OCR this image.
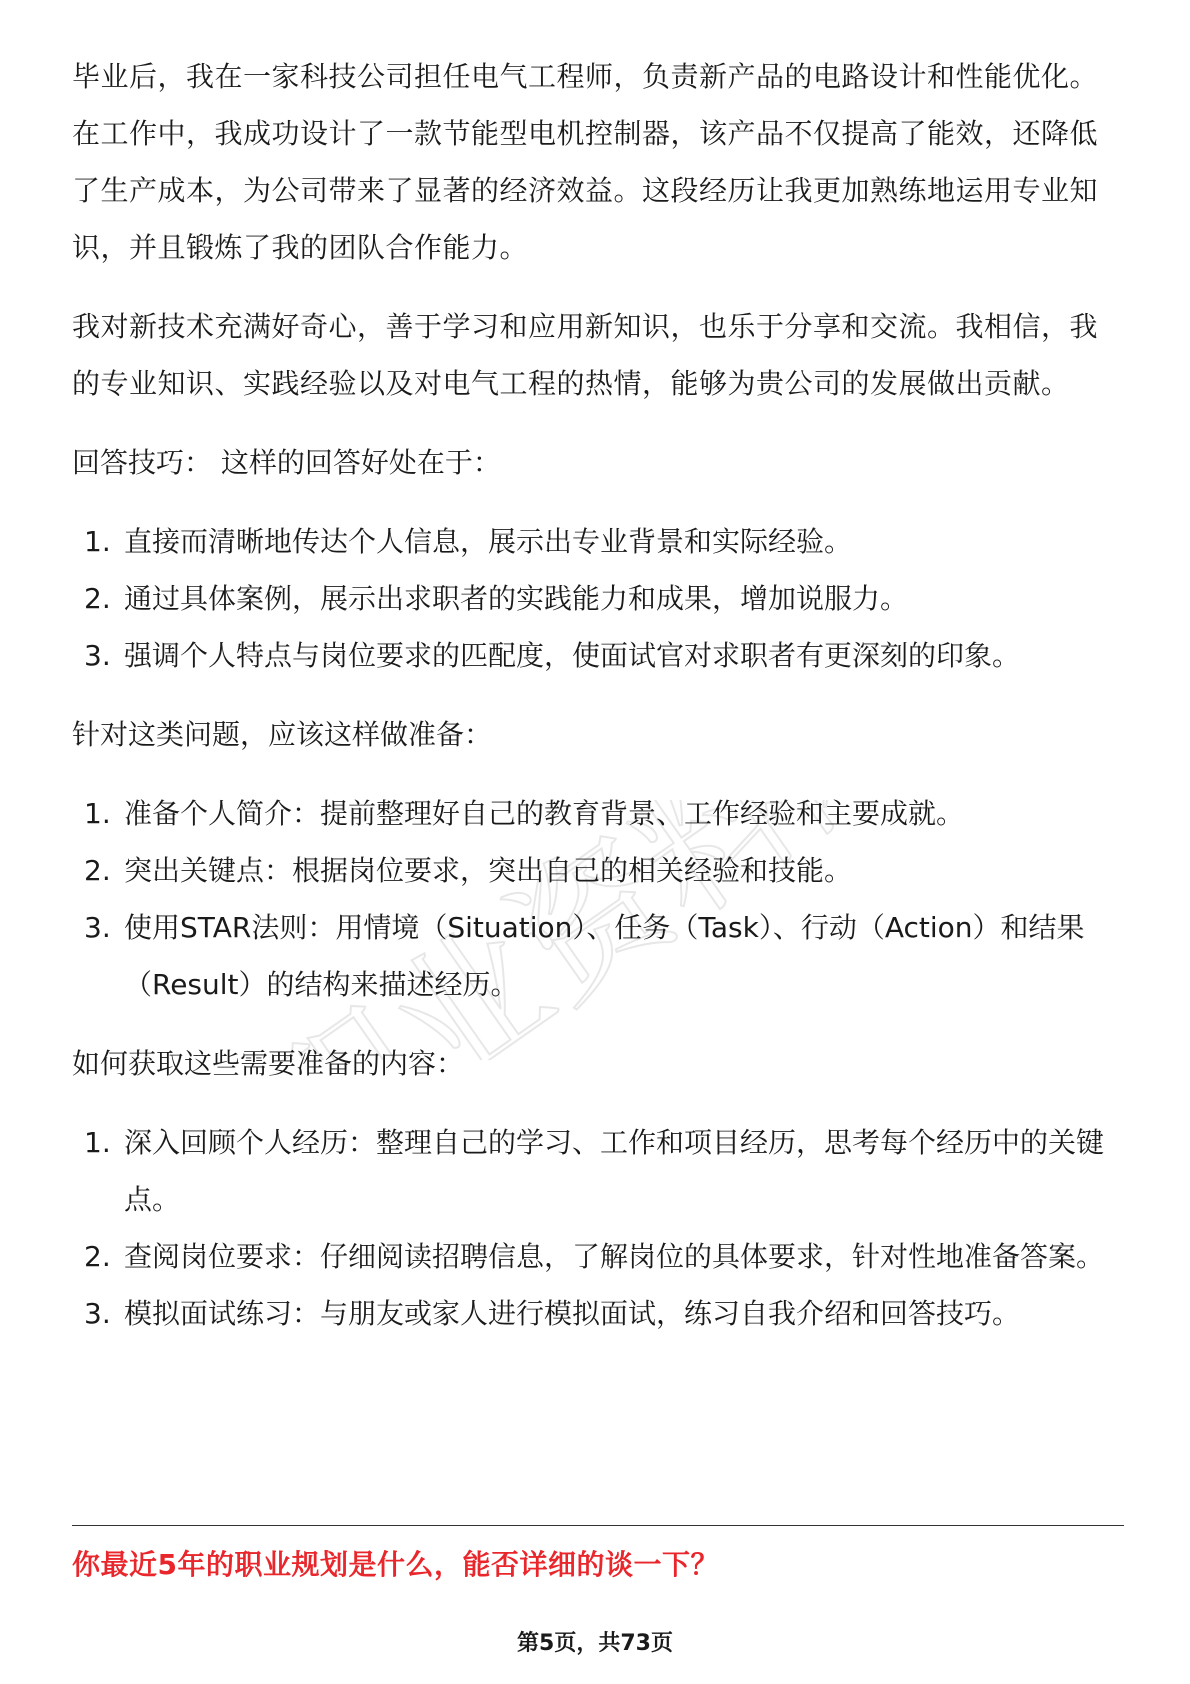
毕业后，我在一家科技公司担任电气工程师，负责新产品的电路设计和性能优化。在工作中，我成功设计了一款节能型电机控制器，该产品不仅提高了能效，还降低了生产成本，为公司带来了显著的经济效益。这段经历让我更加熟练地运用专业知识，并且锻炼了我的团队合作能力。

我对新技术充满好奇心，善于学习和应用新知识，也乐于分享和交流。我相信，我的专业知识、实践经验以及对电气工程的热情，能够为贵公司的发展做出贡献。

回答技巧： 这样的回答好处在于：

1. 直接而清晰地传达个人信息，展示出专业背景和实际经验。
2. 通过具体案例，展示出求职者的实践能力和成果，增加说服力。
3. 强调个人特点与岗位要求的匹配度，使面试官对求职者有更深刻的印象。

针对这类问题，应该这样做准备：

1. 准备个人简介：提前整理好自己的教育背景、工作经验和主要成就。
2. 突出关键点：根据岗位要求，突出自己的相关经验和技能。
3. 使用STAR法则：用情境（Situation）、任务（Task）、行动（Action）和结果（Result）的结构来描述经历。

如何获取这些需要准备的内容：

1. 深入回顾个人经历：整理自己的学习、工作和项目经历，思考每个经历中的关键点。
2. 查阅岗位要求：仔细阅读招聘信息，了解岗位的具体要求，针对性地准备答案。
3. 模拟面试练习：与朋友或家人进行模拟面试，练习自我介绍和回答技巧。
你最近5年的职业规划是什么，能否详细的谈一下？
第5页，共73页
